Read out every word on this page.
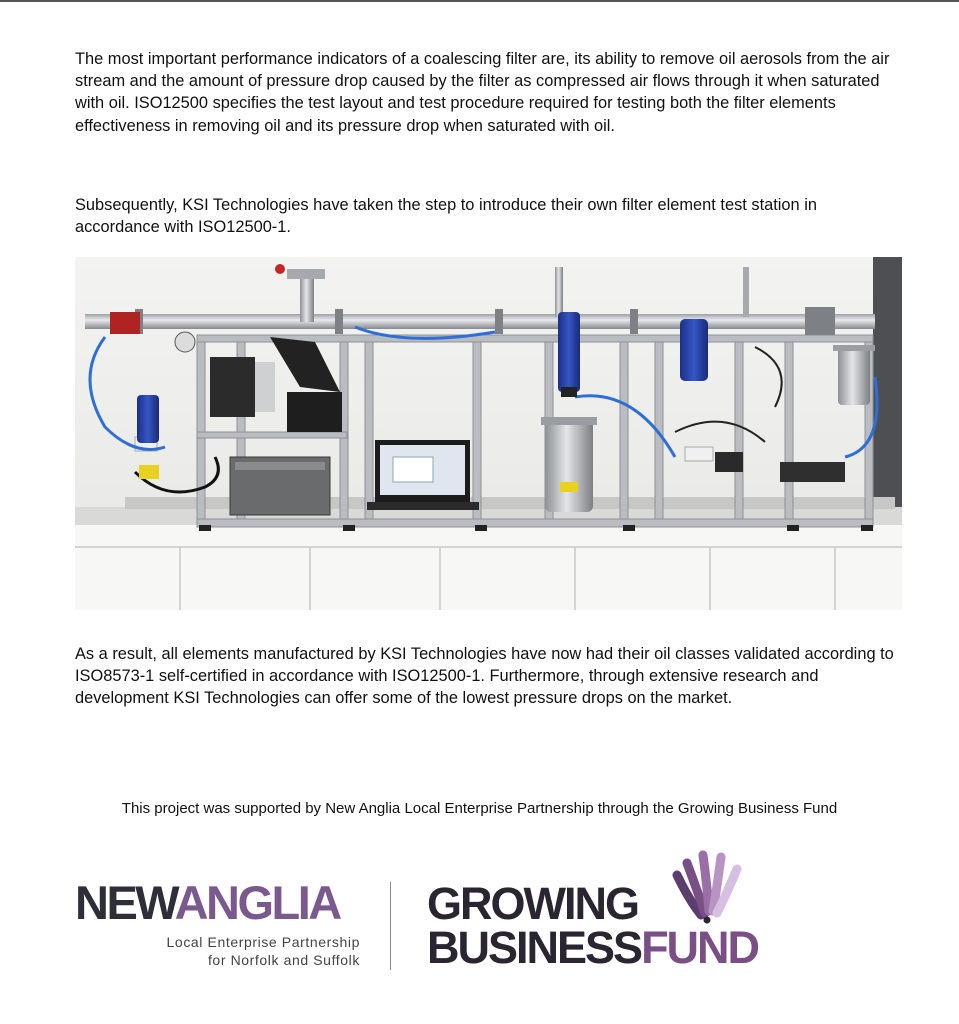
The most important performance indicators of a coalescing filter are, its ability to remove oil aerosols from the air stream and the amount of pressure drop caused by the filter as compressed air flows through it when saturated with oil. ISO12500 specifies the test layout and test procedure required for testing both the filter elements effectiveness in removing oil and its pressure drop when saturated with oil.

Subsequently, KSI Technologies have taken the step to introduce their own filter element test station in accordance with ISO12500-1.

As a result, all elements manufactured by KSI Technologies have now had their oil classes validated according to ISO8573-1 self-certified in accordance with ISO12500-1. Furthermore, through extensive research and development KSI Technologies can offer some of the lowest pressure drops on the market.

This project was supported by New Anglia Local Enterprise Partnership through the Growing Business Fund

NEWANGLIA
Local Enterprise Partnership
for Norfolk and Suffolk
GROWING
BUSINESSFUND
